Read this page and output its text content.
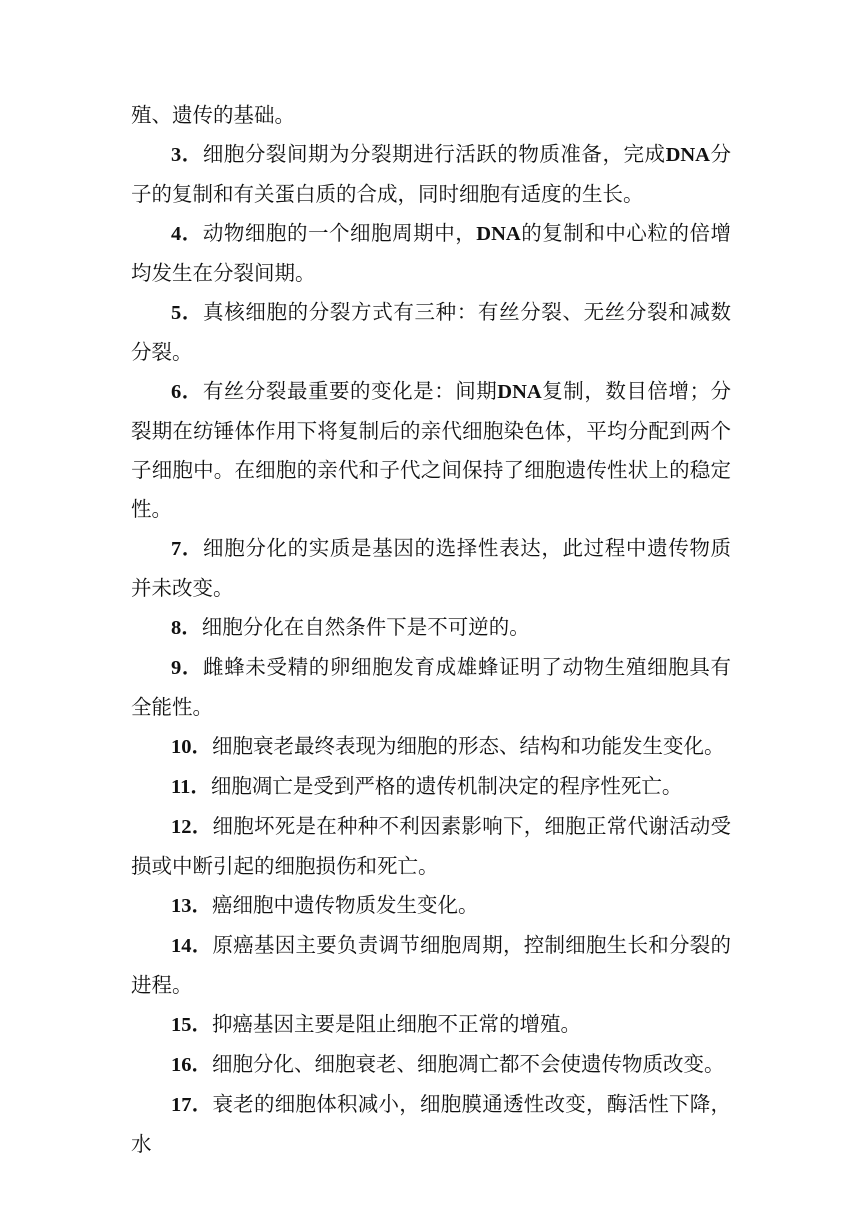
殖、遗传的基础。

3．细胞分裂间期为分裂期进行活跃的物质准备，完成DNA分子的复制和有关蛋白质的合成，同时细胞有适度的生长。

4．动物细胞的一个细胞周期中，DNA的复制和中心粒的倍增均发生在分裂间期。

5．真核细胞的分裂方式有三种：有丝分裂、无丝分裂和减数分裂。

6．有丝分裂最重要的变化是：间期DNA复制，数目倍增；分裂期在纺锤体作用下将复制后的亲代细胞染色体，平均分配到两个子细胞中。在细胞的亲代和子代之间保持了细胞遗传性状上的稳定性。

7．细胞分化的实质是基因的选择性表达，此过程中遗传物质并未改变。

8．细胞分化在自然条件下是不可逆的。

9．雌蜂未受精的卵细胞发育成雄蜂证明了动物生殖细胞具有全能性。

10．细胞衰老最终表现为细胞的形态、结构和功能发生变化。

11．细胞凋亡是受到严格的遗传机制决定的程序性死亡。

12．细胞坏死是在种种不利因素影响下，细胞正常代谢活动受损或中断引起的细胞损伤和死亡。

13．癌细胞中遗传物质发生变化。

14．原癌基因主要负责调节细胞周期，控制细胞生长和分裂的进程。

15．抑癌基因主要是阻止细胞不正常的增殖。

16．细胞分化、细胞衰老、细胞凋亡都不会使遗传物质改变。

17．衰老的细胞体积减小，细胞膜通透性改变，酶活性下降，水
